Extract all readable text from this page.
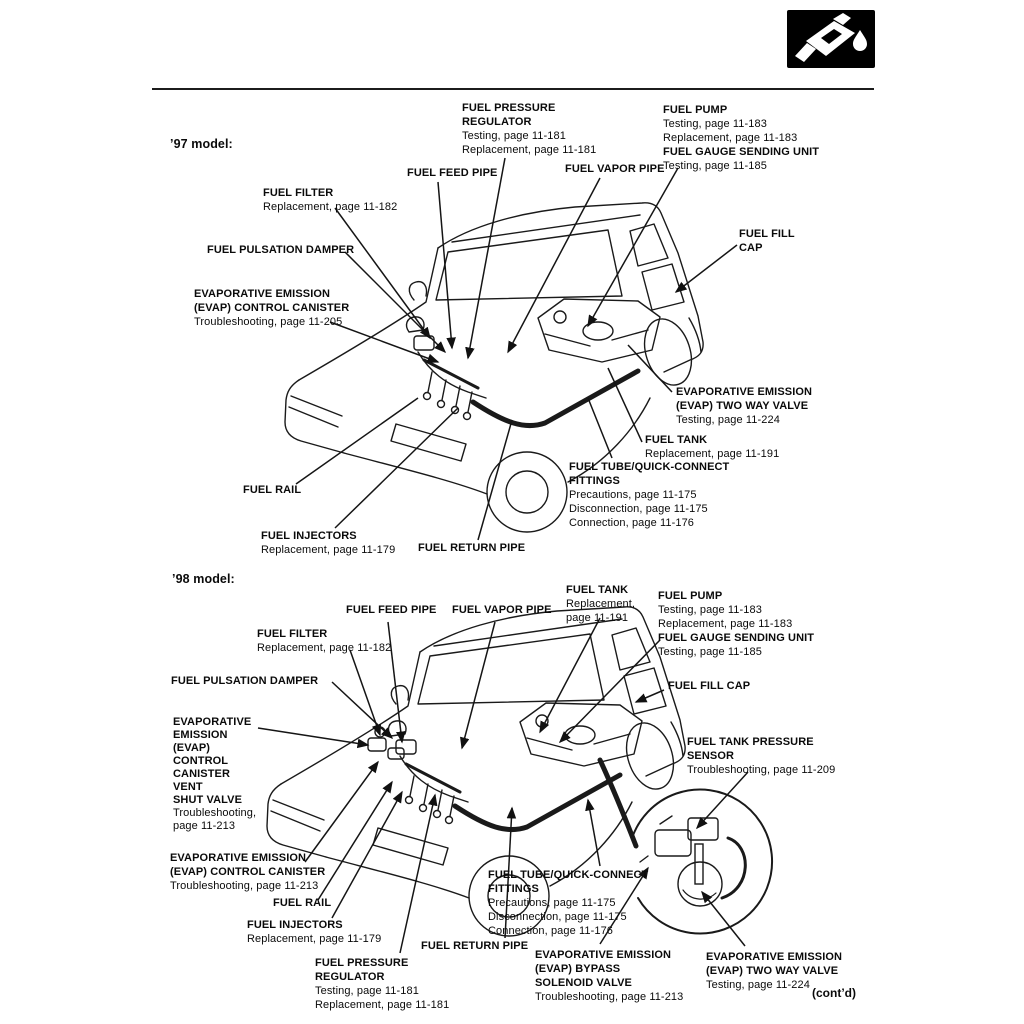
’97 model:
FUEL PRESSURE
REGULATOR
Testing, page 11-181
Replacement, page 11-181
FUEL PUMP
Testing, page 11-183
Replacement, page 11-183
FUEL GAUGE SENDING UNIT
Testing, page 11-185
FUEL FEED PIPE	FUEL VAPOR PIPE
FUEL FILTER
Replacement, page 11-182
FUEL FILL
CAP
FUEL PULSATION DAMPER
EVAPORATIVE EMISSION
(EVAP) CONTROL CANISTER
Troubleshooting, page 11-205
EVAPORATIVE EMISSION
(EVAP) TWO WAY VALVE
Testing, page 11-224
FUEL TANK
Replacement, page 11-191
FUEL TUBE/QUICK-CONNECT
FITTINGS
Precautions, page 11-175
Disconnection, page 11-175
Connection, page 11-176
FUEL RAIL
FUEL INJECTORS
Replacement, page 11-179 FUEL RETURN PIPE
’98 model:
FUEL TANK
Replacement,
page 11-191
FUEL PUMP
Testing, page 11-183
Replacement, page 11-183
FUEL GAUGE SENDING UNIT
Testing, page 11-185
FUEL FEED PIPE FUEL VAPOR PIPE
FUEL FILTER
Replacement, page 11-182
FUEL PULSATION DAMPER	FUEL FILL CAP
EVAPORATIVE
EMISSION
(EVAP)
CONTROL
CANISTER
VENT
SHUT VALVE
Troubleshooting,
page 11-213
FUEL TANK PRESSURE
SENSOR
Troubleshooting, page 11-209
EVAPORATIVE EMISSION
(EVAP) CONTROL CANISTER
Troubleshooting, page 11-213
FUEL RAIL
FUEL INJECTORS
Replacement, page 11-179
FUEL TUBE/QUICK-CONNECT
FITTINGS
Precautions, page 11-175
Disconnection, page 11-175
Connection, page 11-176
FUEL RETURN PIPE
FUEL PRESSURE
REGULATOR
Testing, page 11-181
Replacement, page 11-181
EVAPORATIVE EMISSION
(EVAP) BYPASS
SOLENOID VALVE
Troubleshooting, page 11-213
EVAPORATIVE EMISSION
(EVAP) TWO WAY VALVE
Testing, page 11-224
(cont’d)
